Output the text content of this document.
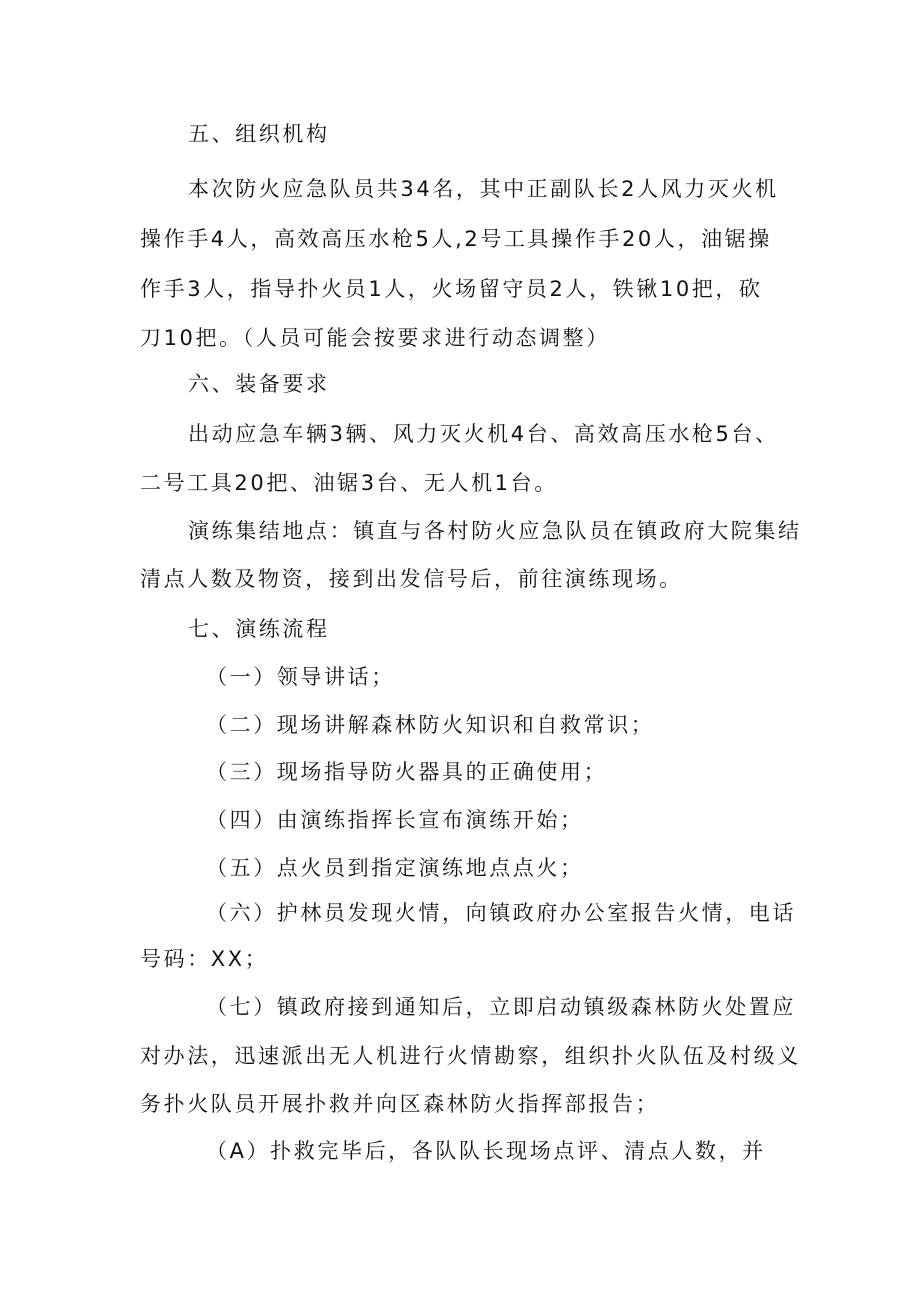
五、组织机构
本次防火应急队员共34名，其中正副队长2人风力灭火机
操作手4人，高效高压水枪5人,2号工具操作手20人，油锯操
作手3人，指导扑火员1人，火场留守员2人，铁锹10把，砍
刀10把。（人员可能会按要求进行动态调整）
六、装备要求
出动应急车辆3辆、风力灭火机4台、高效高压水枪5台、
二号工具20把、油锯3台、无人机1台。
演练集结地点：镇直与各村防火应急队员在镇政府大院集结
清点人数及物资，接到出发信号后，前往演练现场。
七、演练流程
（一）领导讲话；
（二）现场讲解森林防火知识和自救常识；
（三）现场指导防火器具的正确使用；
（四）由演练指挥长宣布演练开始；
（五）点火员到指定演练地点点火；
（六）护林员发现火情，向镇政府办公室报告火情，电话
号码：XX；
（七）镇政府接到通知后，立即启动镇级森林防火处置应
对办法，迅速派出无人机进行火情勘察，组织扑火队伍及村级义
务扑火队员开展扑救并向区森林防火指挥部报告；
（A）扑救完毕后，各队队长现场点评、清点人数，并
